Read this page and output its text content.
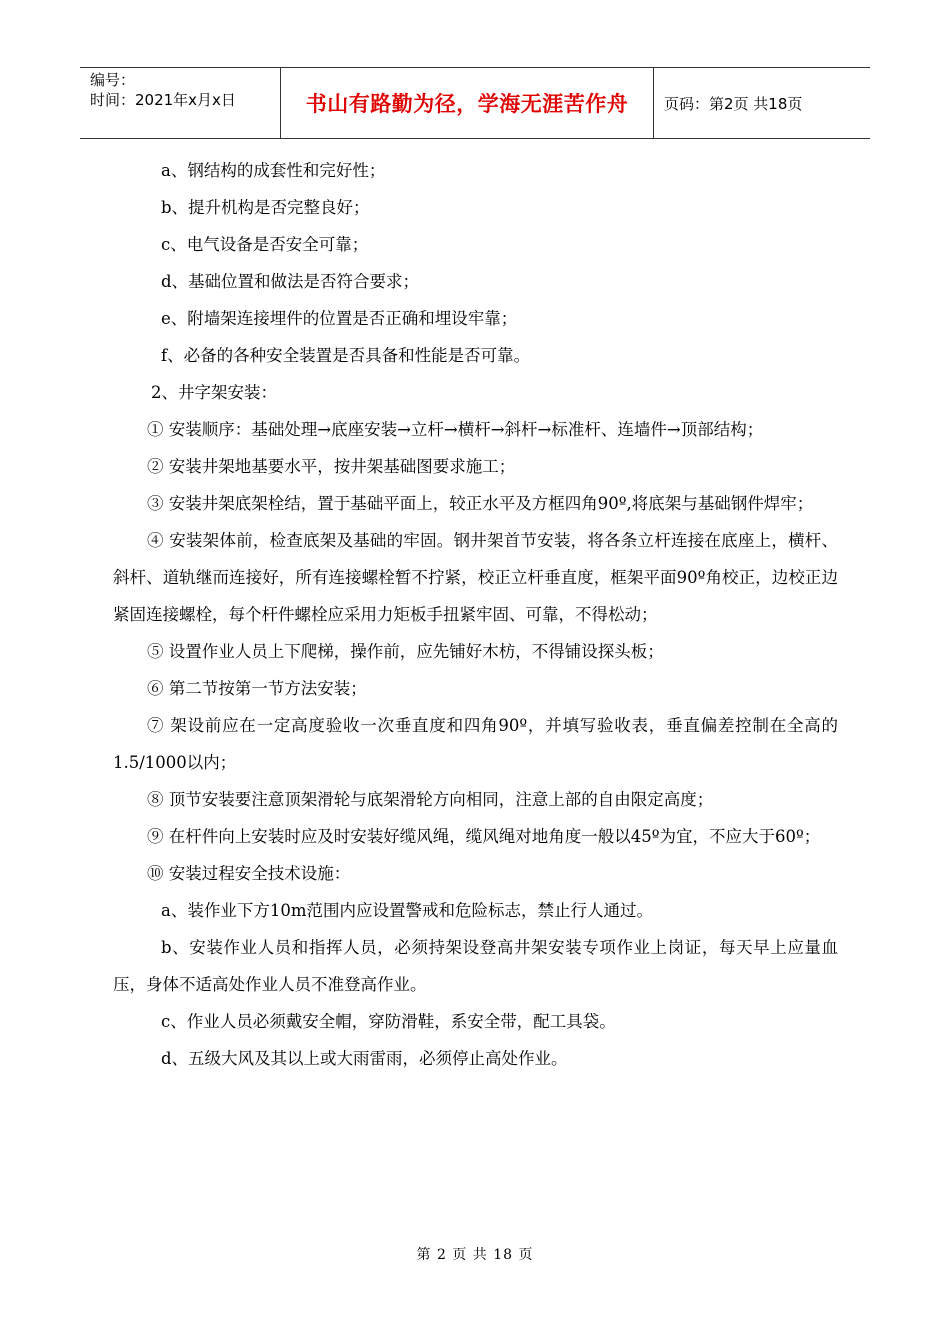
编号：
时间：2021年x月x日	书山有路勤为径，学海无涯苦作舟	页码：第2页 共18页

a、钢结构的成套性和完好性；

b、提升机构是否完整良好；

c、电气设备是否安全可靠；

d、基础位置和做法是否符合要求；

e、附墙架连接埋件的位置是否正确和埋设牢靠；

f、必备的各种安全装置是否具备和性能是否可靠。

2、井字架安装：

① 安装顺序：基础处理→底座安装→立杆→横杆→斜杆→标准杆、连墙件→顶部结构；

② 安装井架地基要水平，按井架基础图要求施工；

③ 安装井架底架栓结，置于基础平面上，较正水平及方框四角90º,将底架与基础钢件焊牢；

④ 安装架体前，检查底架及基础的牢固。钢井架首节安装，将各条立杆连接在底座上，横杆、斜杆、道轨继而连接好，所有连接螺栓暂不拧紧，校正立杆垂直度，框架平面90º角校正，边校正边紧固连接螺栓，每个杆件螺栓应采用力矩板手扭紧牢固、可靠，不得松动；

⑤ 设置作业人员上下爬梯，操作前，应先铺好木枋，不得铺设探头板；

⑥ 第二节按第一节方法安装；

⑦ 架设前应在一定高度验收一次垂直度和四角90º，并填写验收表，垂直偏差控制在全高的1.5/1000以内；

⑧ 顶节安装要注意顶架滑轮与底架滑轮方向相同，注意上部的自由限定高度；

⑨ 在杆件向上安装时应及时安装好缆风绳，缆风绳对地角度一般以45º为宜，不应大于60º；

⑩ 安装过程安全技术设施：

a、装作业下方10m范围内应设置警戒和危险标志，禁止行人通过。

b、安装作业人员和指挥人员，必须持架设登高井架安装专项作业上岗证，每天早上应量血压，身体不适高处作业人员不准登高作业。

c、作业人员必须戴安全帽，穿防滑鞋，系安全带，配工具袋。

d、五级大风及其以上或大雨雷雨，必须停止高处作业。

第 2 页 共 18 页
